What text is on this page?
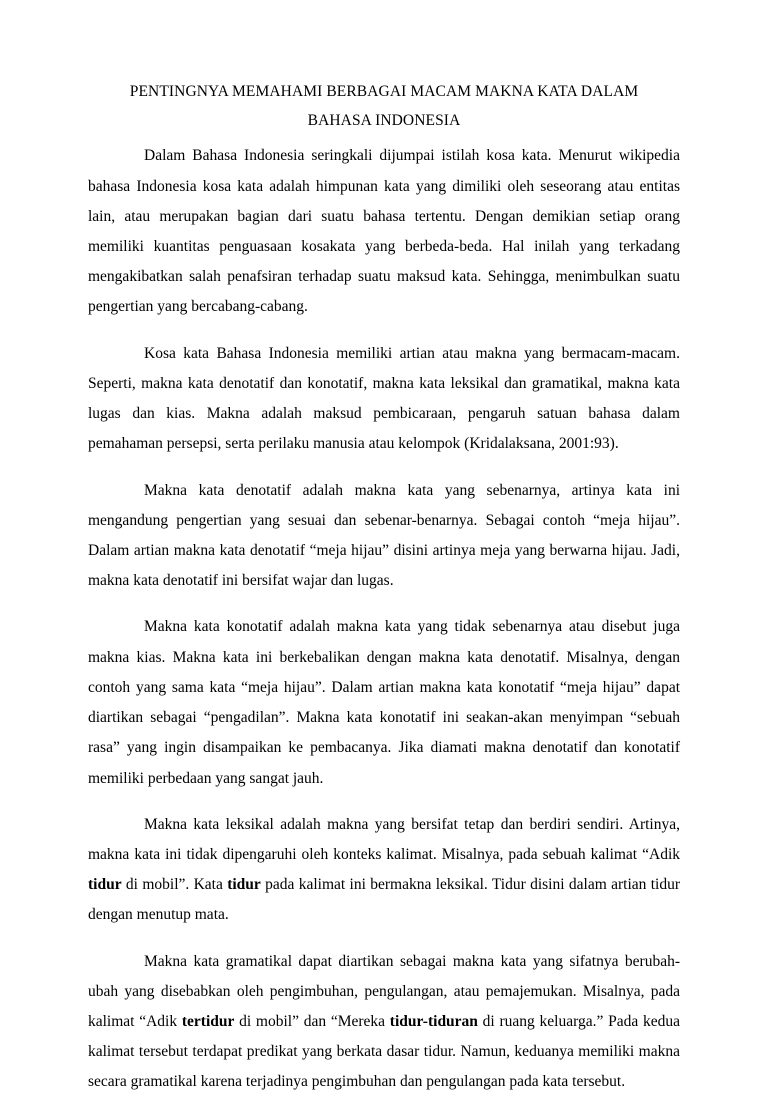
PENTINGNYA MEMAHAMI BERBAGAI MACAM MAKNA KATA DALAM
BAHASA INDONESIA

Dalam Bahasa Indonesia seringkali dijumpai istilah kosa kata. Menurut wikipedia bahasa Indonesia kosa kata adalah himpunan kata yang dimiliki oleh seseorang atau entitas lain, atau merupakan bagian dari suatu bahasa tertentu. Dengan demikian setiap orang memiliki kuantitas penguasaan kosakata yang berbeda-beda. Hal inilah yang terkadang mengakibatkan salah penafsiran terhadap suatu maksud kata. Sehingga, menimbulkan suatu pengertian yang bercabang-cabang.

Kosa kata Bahasa Indonesia memiliki artian atau makna yang bermacam-macam. Seperti, makna kata denotatif dan konotatif, makna kata leksikal dan gramatikal, makna kata lugas dan kias. Makna adalah maksud pembicaraan, pengaruh satuan bahasa dalam pemahaman persepsi, serta perilaku manusia atau kelompok (Kridalaksana, 2001:93).

Makna kata denotatif adalah makna kata yang sebenarnya, artinya kata ini mengandung pengertian yang sesuai dan sebenar-benarnya. Sebagai contoh “meja hijau”. Dalam artian makna kata denotatif “meja hijau” disini artinya meja yang berwarna hijau. Jadi, makna kata denotatif ini bersifat wajar dan lugas.

Makna kata konotatif adalah makna kata yang tidak sebenarnya atau disebut juga makna kias. Makna kata ini berkebalikan dengan makna kata denotatif. Misalnya, dengan contoh yang sama kata “meja hijau”. Dalam artian makna kata konotatif “meja hijau” dapat diartikan sebagai “pengadilan”. Makna kata konotatif ini seakan-akan menyimpan “sebuah rasa” yang ingin disampaikan ke pembacanya. Jika diamati makna denotatif dan konotatif memiliki perbedaan yang sangat jauh.

Makna kata leksikal adalah makna yang bersifat tetap dan berdiri sendiri. Artinya, makna kata ini tidak dipengaruhi oleh konteks kalimat. Misalnya, pada sebuah kalimat “Adik tidur di mobil”. Kata tidur pada kalimat ini bermakna leksikal. Tidur disini dalam artian tidur dengan menutup mata.

Makna kata gramatikal dapat diartikan sebagai makna kata yang sifatnya berubah-ubah yang disebabkan oleh pengimbuhan, pengulangan, atau pemajemukan. Misalnya, pada kalimat “Adik tertidur di mobil” dan “Mereka tidur-tiduran di ruang keluarga.” Pada kedua kalimat tersebut terdapat predikat yang berkata dasar tidur. Namun, keduanya memiliki makna secara gramatikal karena terjadinya pengimbuhan dan pengulangan pada kata tersebut.
